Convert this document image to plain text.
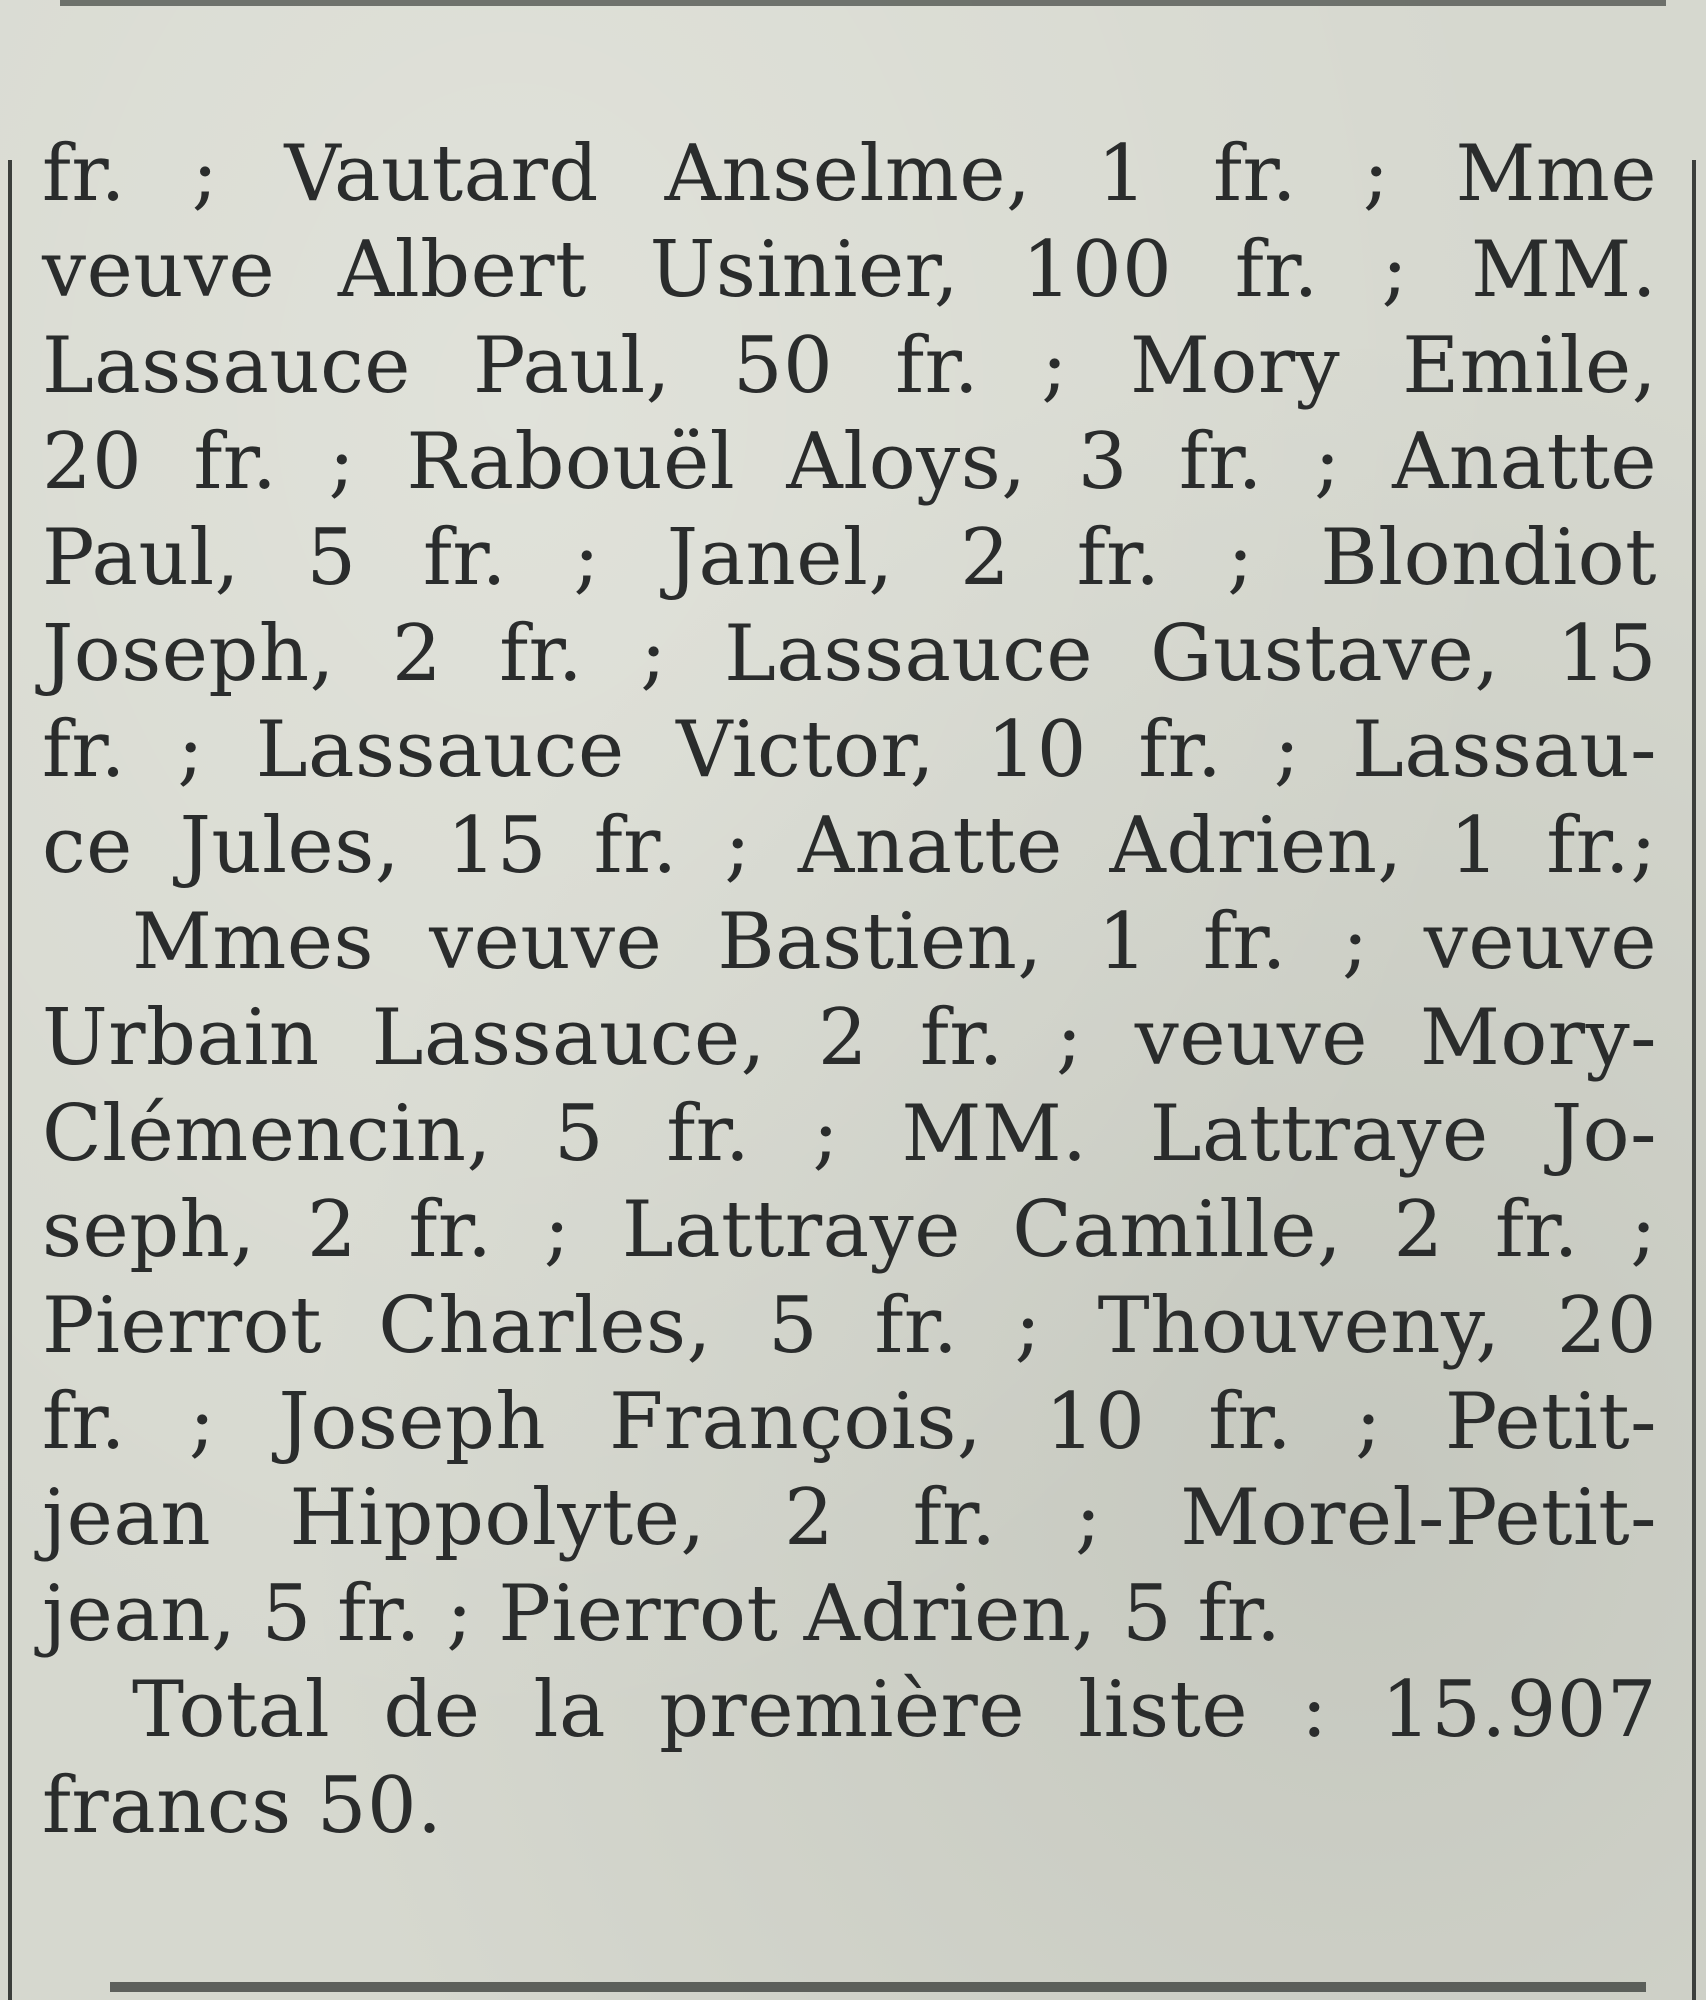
fr. ; Vautard Anselme, 1 fr. ; Mme
veuve Albert Usinier, 100 fr. ; MM.
Lassauce Paul, 50 fr. ; Mory Emile,
20 fr. ; Rabouël Aloys, 3 fr. ; Anatte
Paul, 5 fr. ; Janel, 2 fr. ; Blondiot
Joseph, 2 fr. ; Lassauce Gustave, 15
fr. ; Lassauce Victor, 10 fr. ; Lassau-
ce Jules, 15 fr. ; Anatte Adrien, 1 fr.;
Mmes veuve Bastien, 1 fr. ; veuve
Urbain Lassauce, 2 fr. ; veuve Mory-
Clémencin, 5 fr. ; MM. Lattraye Jo-
seph, 2 fr. ; Lattraye Camille, 2 fr. ;
Pierrot Charles, 5 fr. ; Thouveny, 20
fr. ; Joseph François, 10 fr. ; Petit-
jean Hippolyte, 2 fr. ; Morel-Petit-
jean, 5 fr. ; Pierrot Adrien, 5 fr.
Total de la première liste : 15.907
francs 50.
